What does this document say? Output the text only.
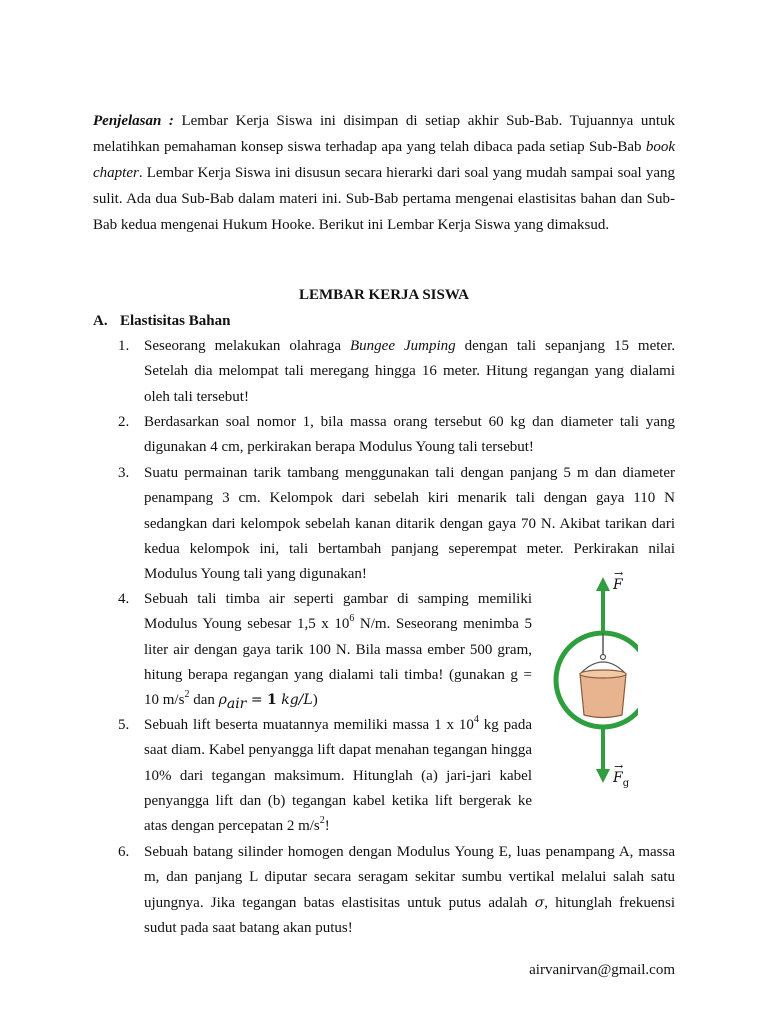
Penjelasan : Lembar Kerja Siswa ini disimpan di setiap akhir Sub-Bab. Tujuannya untuk melatihkan pemahaman konsep siswa terhadap apa yang telah dibaca pada setiap Sub-Bab book chapter. Lembar Kerja Siswa ini disusun secara hierarki dari soal yang mudah sampai soal yang sulit. Ada dua Sub-Bab dalam materi ini. Sub-Bab pertama mengenai elastisitas bahan dan Sub-Bab kedua mengenai Hukum Hooke. Berikut ini Lembar Kerja Siswa yang dimaksud.

LEMBAR KERJA SISWA
A. Elastisitas Bahan
1. Seseorang melakukan olahraga Bungee Jumping dengan tali sepanjang 15 meter. Setelah dia melompat tali meregang hingga 16 meter. Hitung regangan yang dialami oleh tali tersebut!
2. Berdasarkan soal nomor 1, bila massa orang tersebut 60 kg dan diameter tali yang digunakan 4 cm, perkirakan berapa Modulus Young tali tersebut!
3. Suatu permainan tarik tambang menggunakan tali dengan panjang 5 m dan diameter penampang 3 cm. Kelompok dari sebelah kiri menarik tali dengan gaya 110 N sedangkan dari kelompok sebelah kanan ditarik dengan gaya 70 N. Akibat tarikan dari kedua kelompok ini, tali bertambah panjang seperempat meter. Perkirakan nilai Modulus Young tali yang digunakan!
4. Sebuah tali timba air seperti gambar di samping memiliki Modulus Young sebesar 1,5 x $10^6$ N/m. Seseorang menimba 5 liter air dengan gaya tarik 100 N. Bila massa ember 500 gram, hitung berapa regangan yang dialami tali timba! (gunakan g = 10 $m/s^2$ dan $\rho_{air} = 1$ kg/L)
5. Sebuah lift beserta muatannya memiliki massa 1 x $10^4$ kg pada saat diam. Kabel penyangga lift dapat menahan tegangan hingga 10% dari tegangan maksimum. Hitunglah (a) jari-jari kabel penyangga lift dan (b) tegangan kabel ketika lift bergerak ke atas dengan percepatan 2 $m/s^2$!
6. Sebuah batang silinder homogen dengan Modulus Young E, luas penampang A, massa m, dan panjang L diputar secara seragam sekitar sumbu vertikal melalui salah satu ujungnya. Jika tegangan batas elastisitas untuk putus adalah σ, hitunglah frekuensi sudut pada saat batang akan putus!
→
F
→
$F_g$
airvanirvan@gmail.com
